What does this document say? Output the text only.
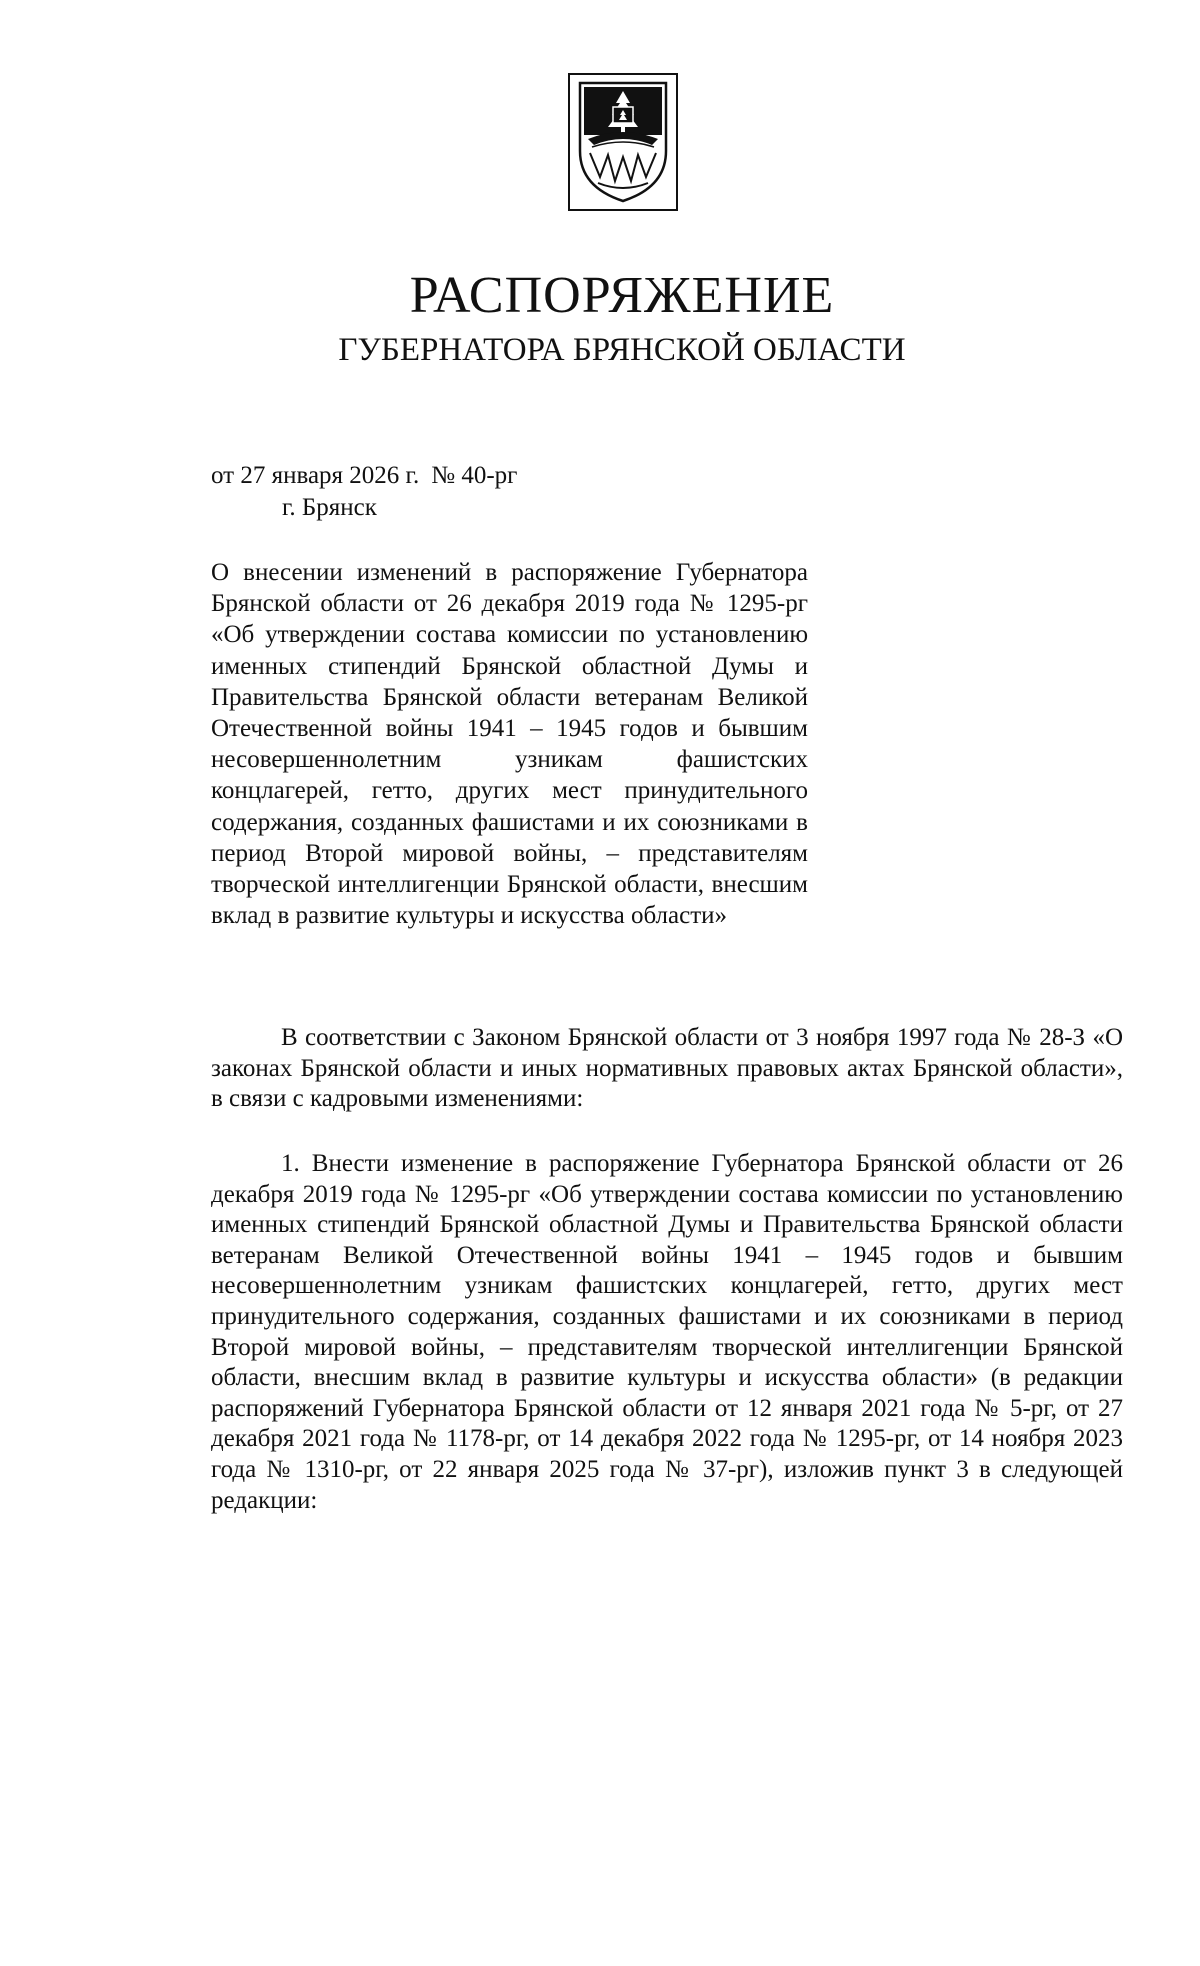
РАСПОРЯЖЕНИЕ
ГУБЕРНАТОРА БРЯНСКОЙ ОБЛАСТИ
от 27 января 2026 г. № 40-рг
г. Брянск
О внесении изменений в распоряжение Губернатора Брянской области от 26 декабря 2019 года № 1295-рг «Об утверждении состава комиссии по установлению именных стипендий Брянской областной Думы и Правительства Брянской области ветеранам Великой Отечественной войны 1941 – 1945 годов и бывшим несовершеннолетним узникам фашистских концлагерей, гетто, других мест принудительного содержания, созданных фашистами и их союзниками в период Второй мировой войны, – представителям творческой интеллигенции Брянской области, внесшим вклад в развитие культуры и искусства области»
В соответствии с Законом Брянской области от 3 ноября 1997 года № 28-З «О законах Брянской области и иных нормативных правовых актах Брянской области», в связи с кадровыми изменениями:
1. Внести изменение в распоряжение Губернатора Брянской области от 26 декабря 2019 года № 1295-рг «Об утверждении состава комиссии по установлению именных стипендий Брянской областной Думы и Правительства Брянской области ветеранам Великой Отечественной войны 1941 – 1945 годов и бывшим несовершеннолетним узникам фашистских концлагерей, гетто, других мест принудительного содержания, созданных фашистами и их союзниками в период Второй мировой войны, – представителям творческой интеллигенции Брянской области, внесшим вклад в развитие культуры и искусства области» (в редакции распоряжений Губернатора Брянской области от 12 января 2021 года № 5-рг, от 27 декабря 2021 года № 1178-рг, от 14 декабря 2022 года № 1295-рг, от 14 ноября 2023 года № 1310-рг, от 22 января 2025 года № 37-рг), изложив пункт 3 в следующей редакции:
